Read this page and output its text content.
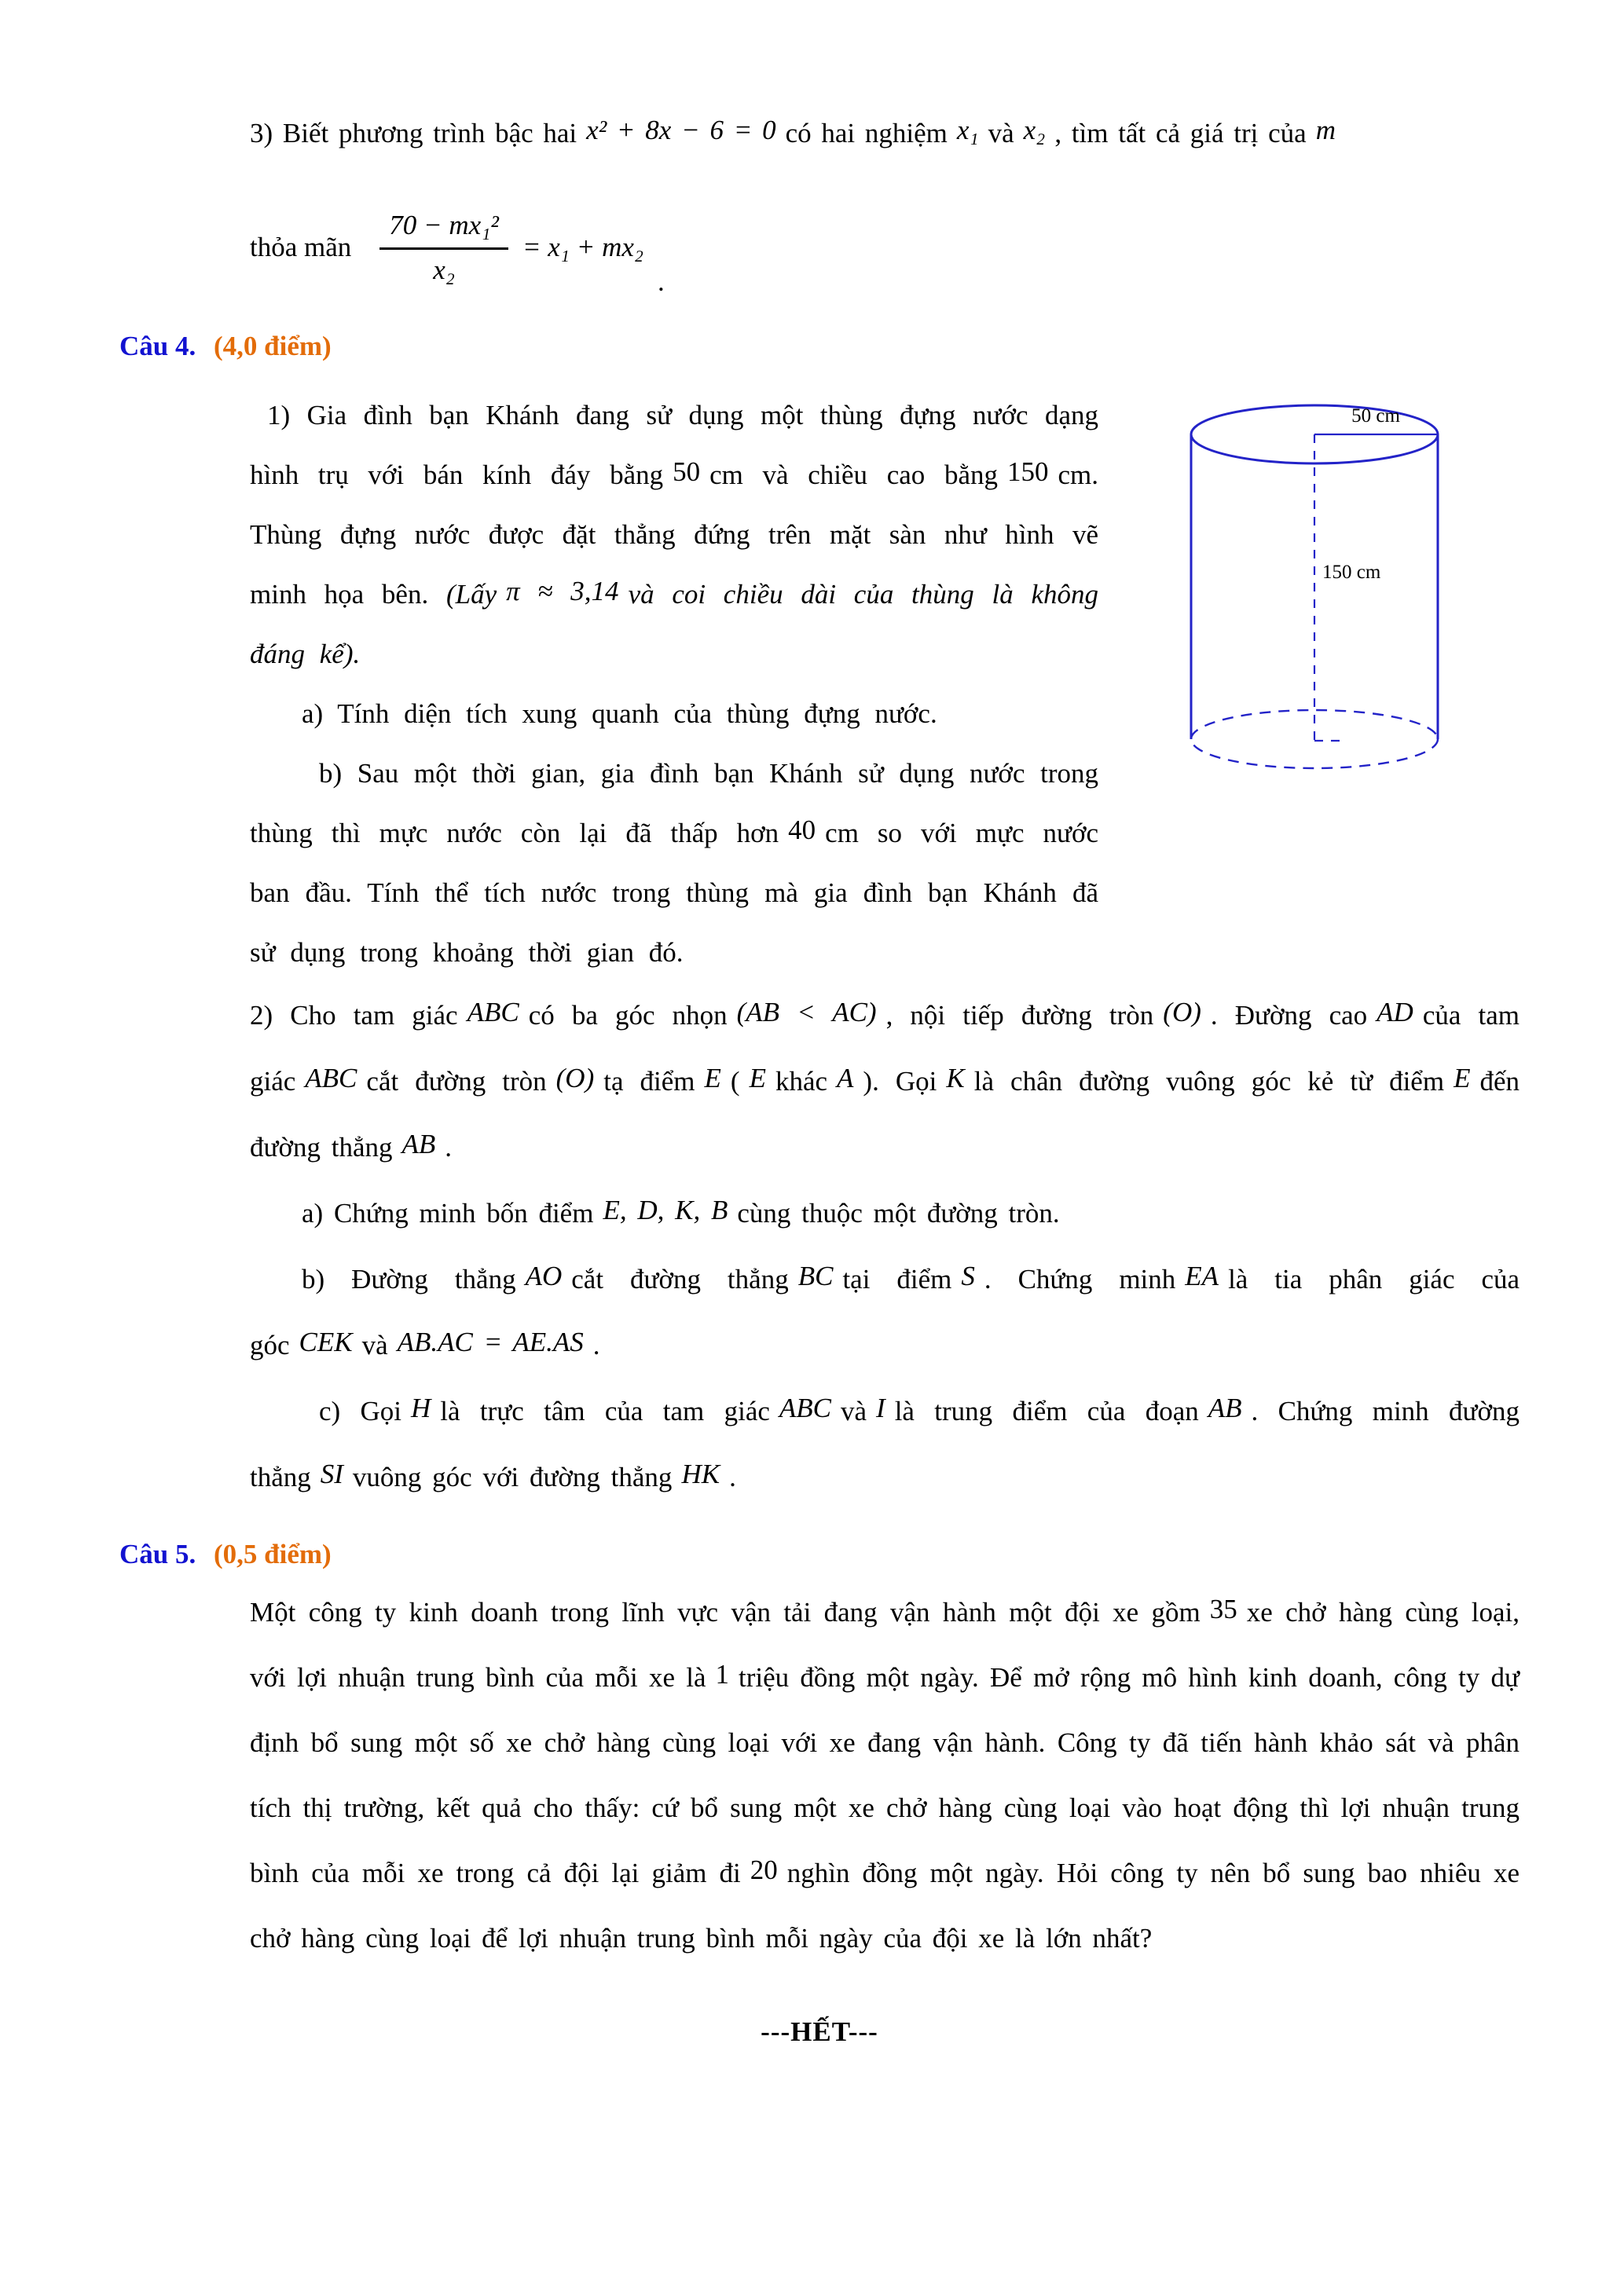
3) Biết phương trình bậc hai x² + 8x − 6 = 0 có hai nghiệm x₁ và x₂ , tìm tất cả giá trị của m

thỏa mãn $\frac{\text{70 − mx₁²}}{\text{x₂}} = x_1 + mx_2$
.
Câu 4. (4,0 điểm)

1) Gia đình bạn Khánh đang sử dụng một thùng đựng nước dạng hình trụ với bán kính đáy bằng 50 cm và chiều cao bằng 150 cm. Thùng đựng nước được đặt thẳng đứng trên mặt sàn như hình vẽ minh họa bên. (Lấy π ≈ 3,14 và coi chiều dài của thùng là không đáng kể).

a) Tính diện tích xung quanh của thùng đựng nước.

b) Sau một thời gian, gia đình bạn Khánh sử dụng nước trong thùng thì mực nước còn lại đã thấp hơn 40 cm so với mực nước ban đầu. Tính thể tích nước trong thùng mà gia đình bạn Khánh đã sử dụng trong khoảng thời gian đó.

50 cm
150 cm

2) Cho tam giác ABC có ba góc nhọn (AB < AC) , nội tiếp đường tròn (O) . Đường cao AD của tam giác ABC cắt đường tròn (O) tạ điểm E ( E khác A ). Gọi K là chân đường vuông góc kẻ từ điểm E đến đường thẳng AB .

a) Chứng minh bốn điểm E, D, K, B cùng thuộc một đường tròn.

b) Đường thẳng AO cắt đường thẳng BC tại điểm S . Chứng minh EA là tia phân giác của góc CEK và AB.AC = AE.AS .

c) Gọi H là trực tâm của tam giác ABC và I là trung điểm của đoạn AB . Chứng minh đường thẳng SI vuông góc với đường thẳng HK .

Câu 5. (0,5 điểm)

Một công ty kinh doanh trong lĩnh vực vận tải đang vận hành một đội xe gồm 35 xe chở hàng cùng loại, với lợi nhuận trung bình của mỗi xe là 1 triệu đồng một ngày. Để mở rộng mô hình kinh doanh, công ty dự định bổ sung một số xe chở hàng cùng loại với xe đang vận hành. Công ty đã tiến hành khảo sát và phân tích thị trường, kết quả cho thấy: cứ bổ sung một xe chở hàng cùng loại vào hoạt động thì lợi nhuận trung bình của mỗi xe trong cả đội lại giảm đi 20 nghìn đồng một ngày. Hỏi công ty nên bổ sung bao nhiêu xe chở hàng cùng loại để lợi nhuận trung bình mỗi ngày của đội xe là lớn nhất?

---HẾT---
